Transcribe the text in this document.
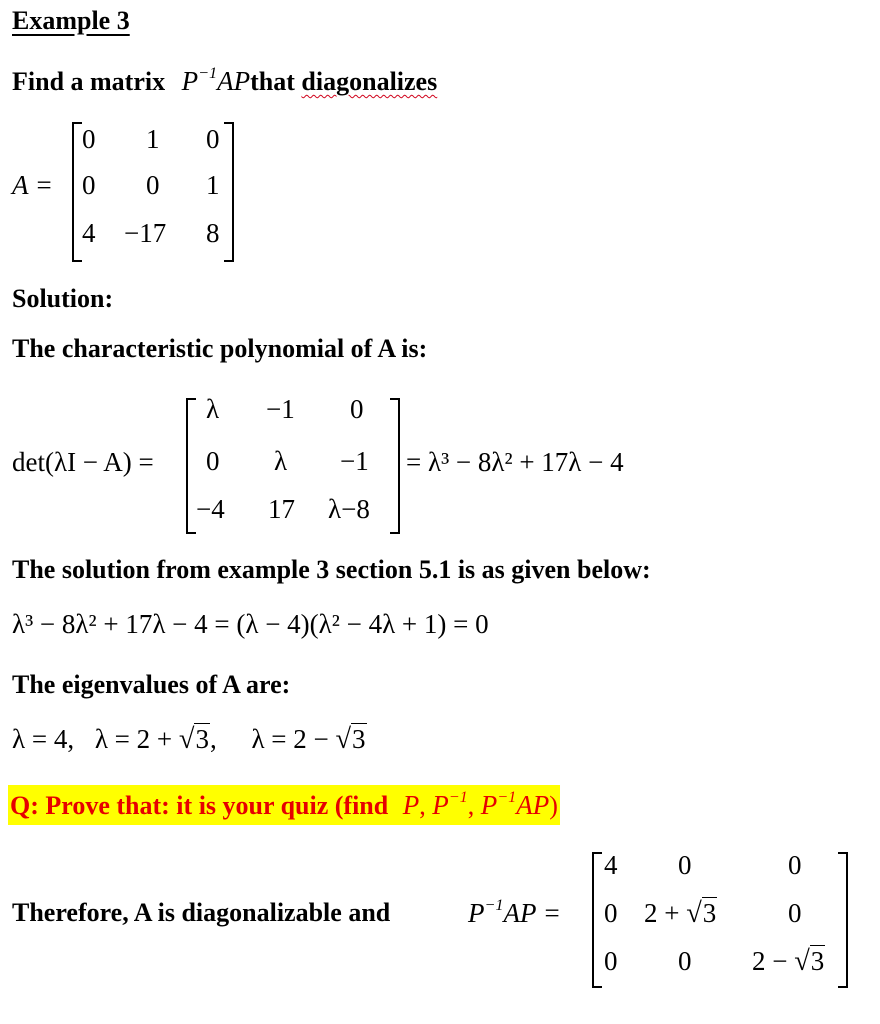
Example 3
Find a matrix $P^{-1}APthat$ diagonalizes
A =
0 1 0
0 0 1
4 −17 8
Solution:
The characteristic polynomial of A is:
det(λI − A) =
λ −1 0
0 λ −1
−4 17 λ−8
= λ³ − 8λ² + 17λ − 4
The solution from example 3 section 5.1 is as given below:
λ³ − 8λ² + 17λ − 4 = (λ − 4)(λ² − 4λ + 1) = 0
The eigenvalues of A are:
λ = 4, λ = 2 + √3, λ = 2 − √3
Q: Prove that: it is your quiz (find P, $P^{-1}$, $P^{-1}AP$)
Therefore, A is diagonalizable and	$P^{-1}AP$ =
4 0	0
0 2 + √3	0
0 0 2 − √3
